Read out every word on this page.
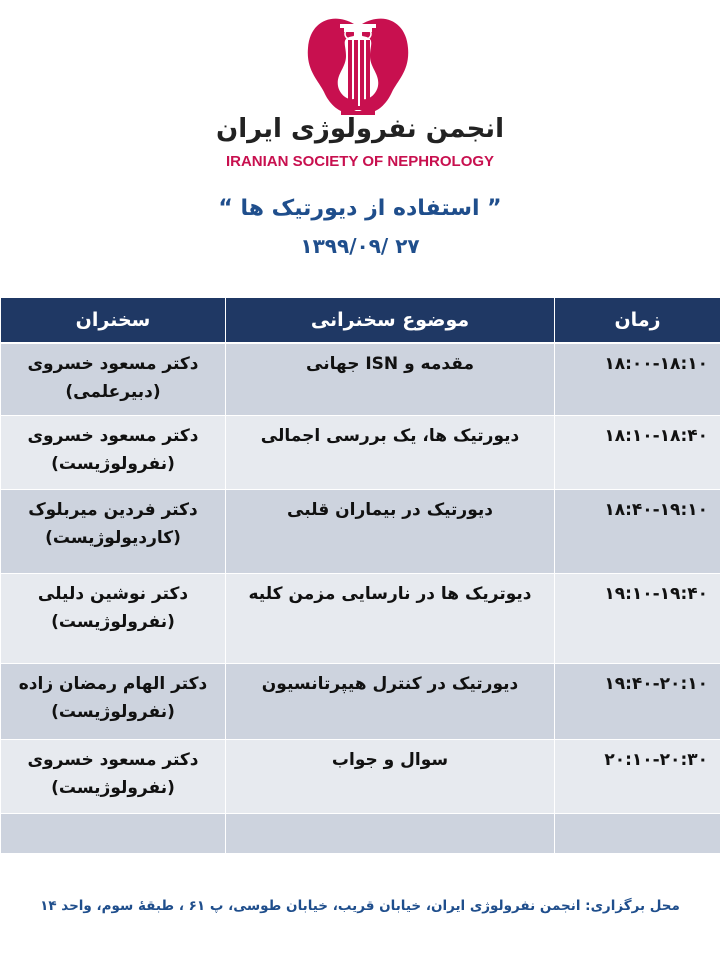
انجمن نفرولوژی ایران
IRANIAN SOCIETY OF NEPHROLOGY
” استفاده از دیورتیک ها “
۱۳۹۹/۰۹/ ۲۷
زمان	موضوع سخنرانی	سخنران
۱۸:۰۰-۱۸:۱۰	مقدمه و ISN جهانی	دکتر مسعود خسروی
(دبیرعلمی)

۱۸:۱۰-۱۸:۴۰	دیورتیک ها، یک بررسی اجمالی	دکتر مسعود خسروی
(نفرولوژیست)

۱۸:۴۰-۱۹:۱۰	دیورتیک در بیماران قلبی	دکتر فردین میربلوک
(کاردیولوژیست)

۱۹:۱۰-۱۹:۴۰	دیوتریک ها در نارسایی مزمن کلیه	دکتر نوشین دلیلی
(نفرولوژیست)

۱۹:۴۰-۲۰:۱۰	دیورتیک در کنترل هیپرتانسیون	دکتر الهام رمضان زاده
(نفرولوژیست)

۲۰:۱۰-۲۰:۳۰	سوال و جواب	دکتر مسعود خسروی
(نفرولوژیست)

محل برگزاری: انجمن نفرولوژی ایران، خیابان قریب، خیابان طوسی، پ ۶۱ ، طبقهٔ سوم، واحد ۱۴
